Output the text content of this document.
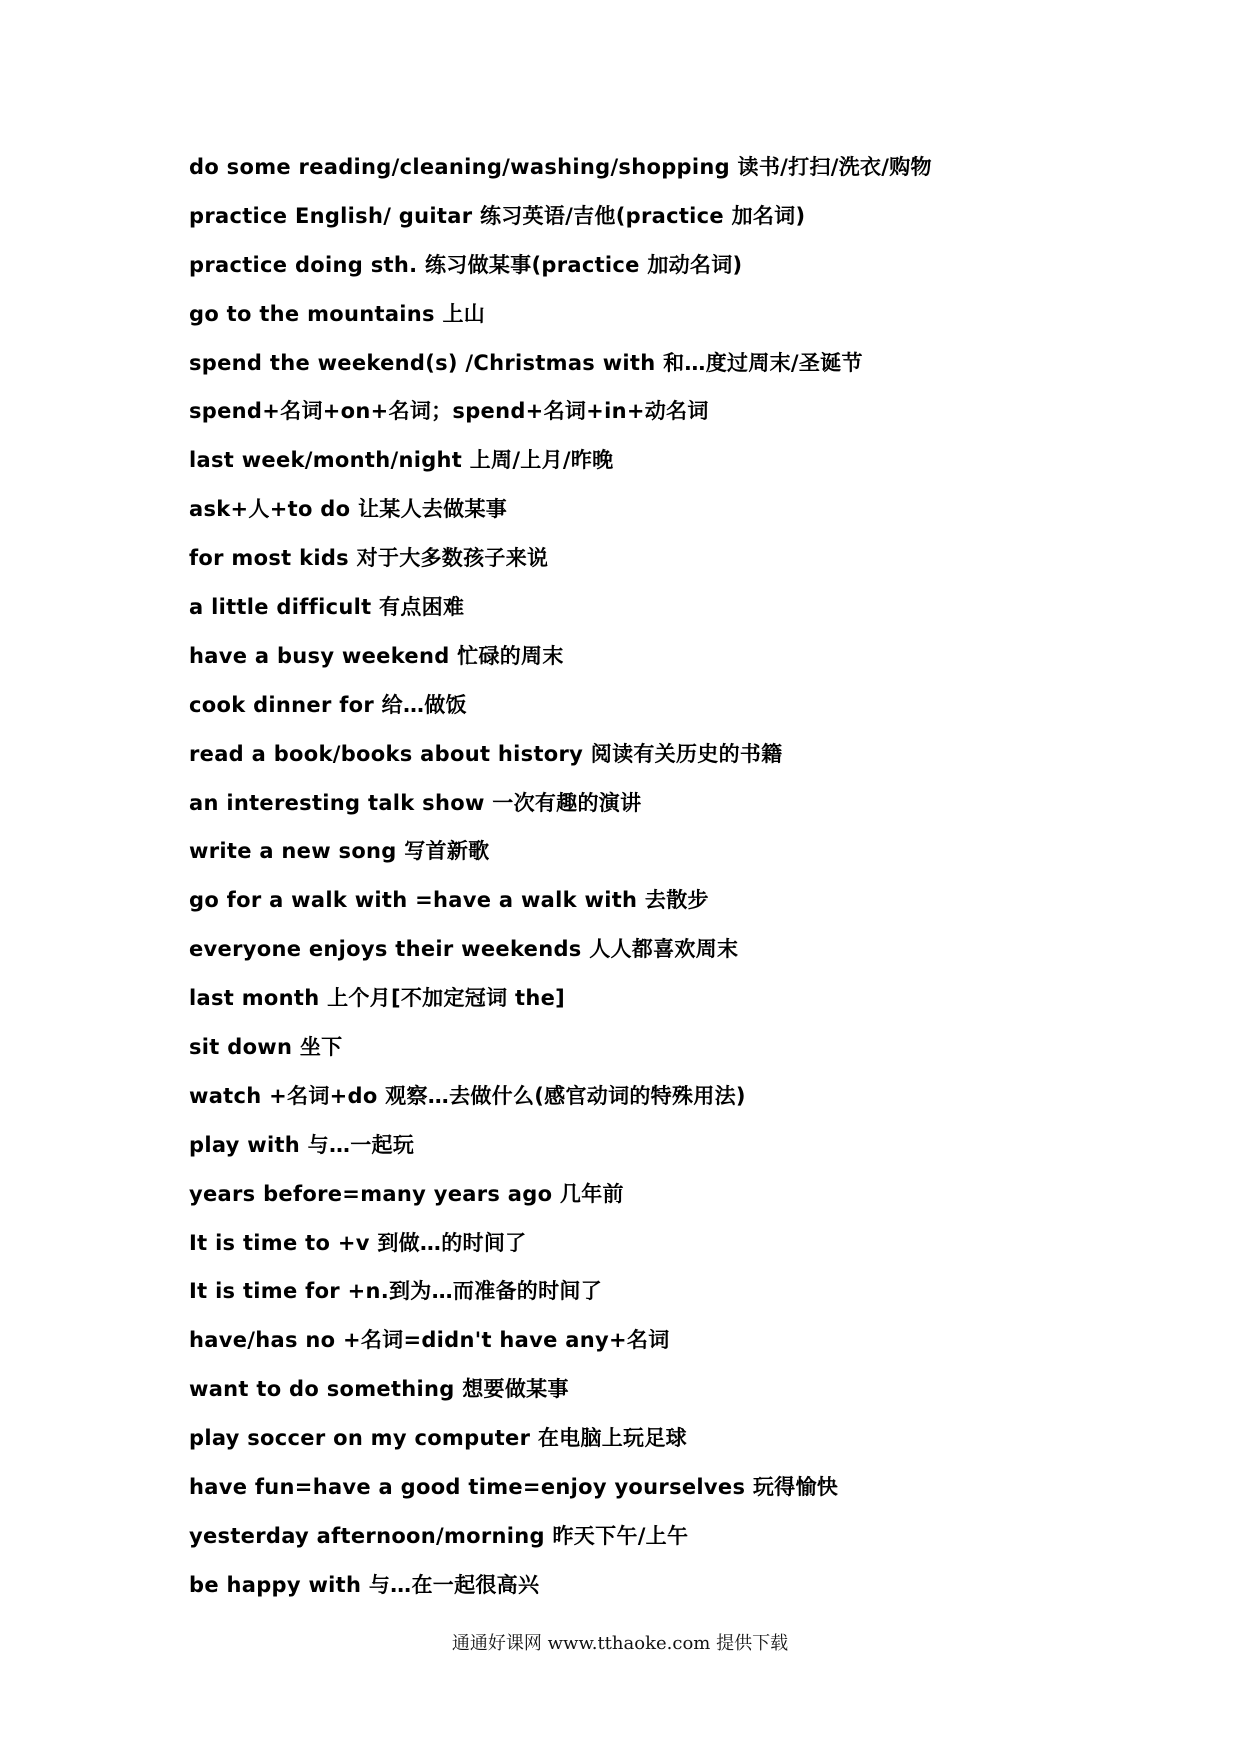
do some reading/cleaning/washing/shopping 读书/打扫/洗衣/购物
practice English/ guitar 练习英语/吉他(practice 加名词)
practice doing sth. 练习做某事(practice 加动名词)
go to the mountains 上山
spend the weekend(s) /Christmas with 和…度过周末/圣诞节
spend+名词+on+名词；spend+名词+in+动名词
last week/month/night 上周/上月/昨晚
ask+人+to do 让某人去做某事
for most kids 对于大多数孩子来说
a little difficult 有点困难
have a busy weekend 忙碌的周末
cook dinner for 给…做饭
read a book/books about history 阅读有关历史的书籍
an interesting talk show 一次有趣的演讲
write a new song 写首新歌
go for a walk with =have a walk with 去散步
everyone enjoys their weekends 人人都喜欢周末
last month 上个月[不加定冠词 the]
sit down 坐下
watch +名词+do 观察…去做什么(感官动词的特殊用法)
play with 与…一起玩
years before=many years ago 几年前
It is time to +v 到做…的时间了
It is time for +n.到为…而准备的时间了
have/has no +名词=didn't have any+名词
want to do something 想要做某事
play soccer on my computer 在电脑上玩足球
have fun=have a good time=enjoy yourselves 玩得愉快
yesterday afternoon/morning 昨天下午/上午
be happy with 与…在一起很高兴
通通好课网 www.tthaoke.com 提供下载
